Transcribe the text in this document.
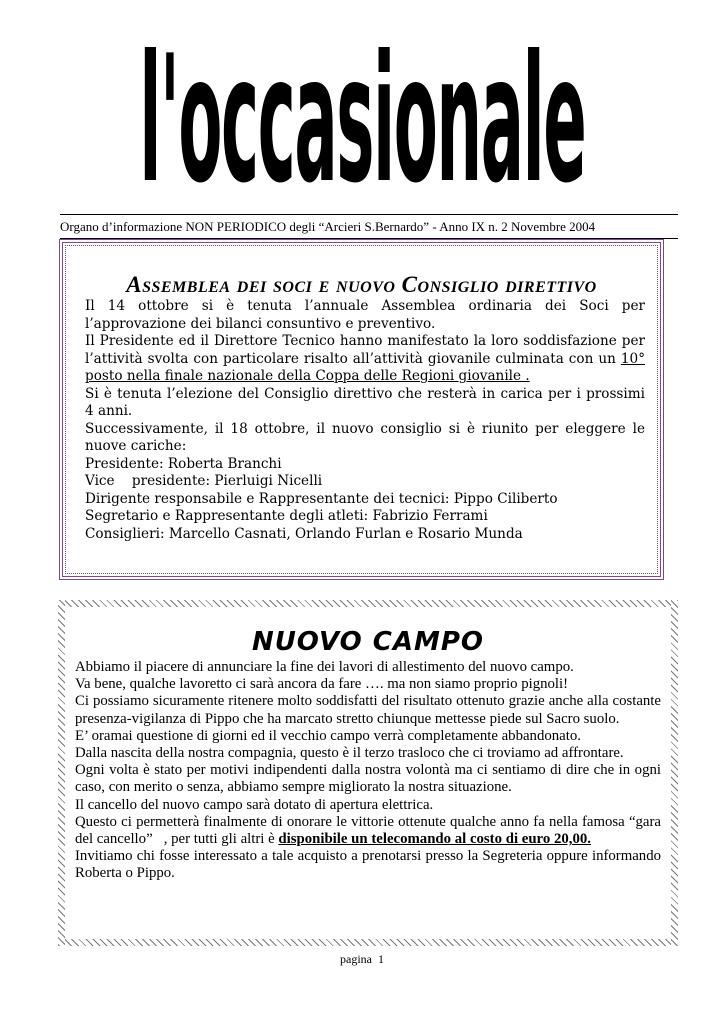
l'occasionale
Organo d’informazione NON PERIODICO degli “Arcieri S.Bernardo” - Anno IX n. 2 Novembre 2004
Assemblea dei soci e nuovo Consiglio direttivo
Il 14 ottobre si è tenuta l’annuale Assemblea ordinaria dei Soci per l’approvazione dei bilanci consuntivo e preventivo.
Il Presidente ed il Direttore Tecnico hanno manifestato la loro soddisfazione per l’attività svolta con particolare risalto all’attività giovanile culminata con un 10° posto nella finale nazionale della Coppa delle Regioni giovanile .
Si è tenuta l’elezione del Consiglio direttivo che resterà in carica per i prossimi 4 anni.
Successivamente, il 18 ottobre, il nuovo consiglio si è riunito per eleggere le nuove cariche:
Presidente: Roberta Branchi
Vice    presidente: Pierluigi Nicelli
Dirigente responsabile e Rappresentante dei tecnici: Pippo Ciliberto
Segretario e Rappresentante degli atleti: Fabrizio Ferrami
Consiglieri: Marcello Casnati, Orlando Furlan e Rosario Munda
NUOVO CAMPO
Abbiamo il piacere di annunciare la fine dei lavori di allestimento del nuovo campo.
Va bene, qualche lavoretto ci sarà ancora da fare …. ma non siamo proprio pignoli!
Ci possiamo sicuramente ritenere molto soddisfatti del risultato ottenuto grazie anche alla costante presenza-vigilanza di Pippo che ha marcato stretto chiunque mettesse piede sul Sacro suolo.
E’ oramai questione di giorni ed il vecchio campo verrà completamente abbandonato.
Dalla nascita della nostra compagnia, questo è il terzo trasloco che ci troviamo ad affrontare.
Ogni volta è stato per motivi indipendenti dalla nostra volontà ma ci sentiamo di dire che in ogni caso, con merito o senza, abbiamo sempre migliorato la nostra situazione.
Il cancello del nuovo campo sarà dotato di apertura elettrica.
Questo ci permetterà finalmente di onorare le vittorie ottenute qualche anno fa nella famosa “gara del cancello”   , per tutti gli altri è disponibile un telecomando al costo di euro 20,00.
Invitiamo chi fosse interessato a tale acquisto a prenotarsi presso la Segreteria oppure informando Roberta o Pippo.
pagina  1
